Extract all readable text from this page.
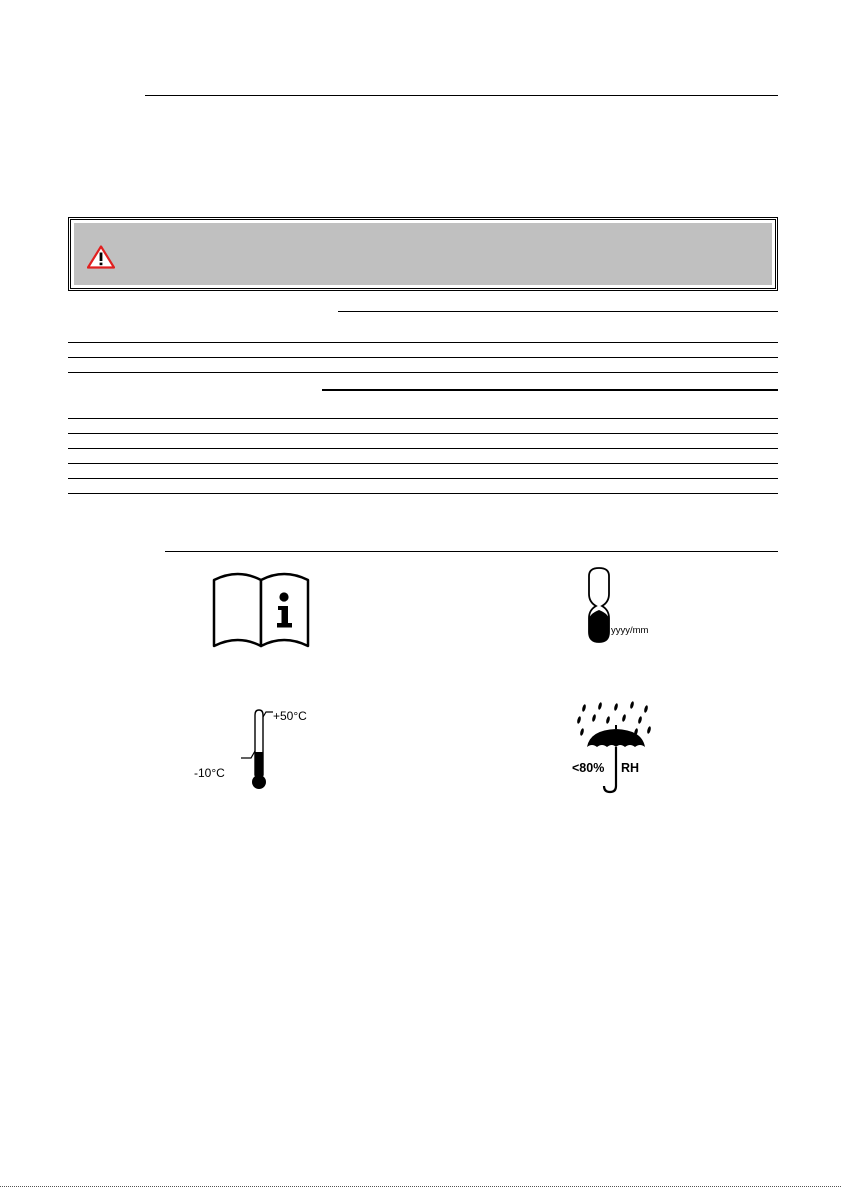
yyyy/mm
+50°C
-10°C	<80% RH
